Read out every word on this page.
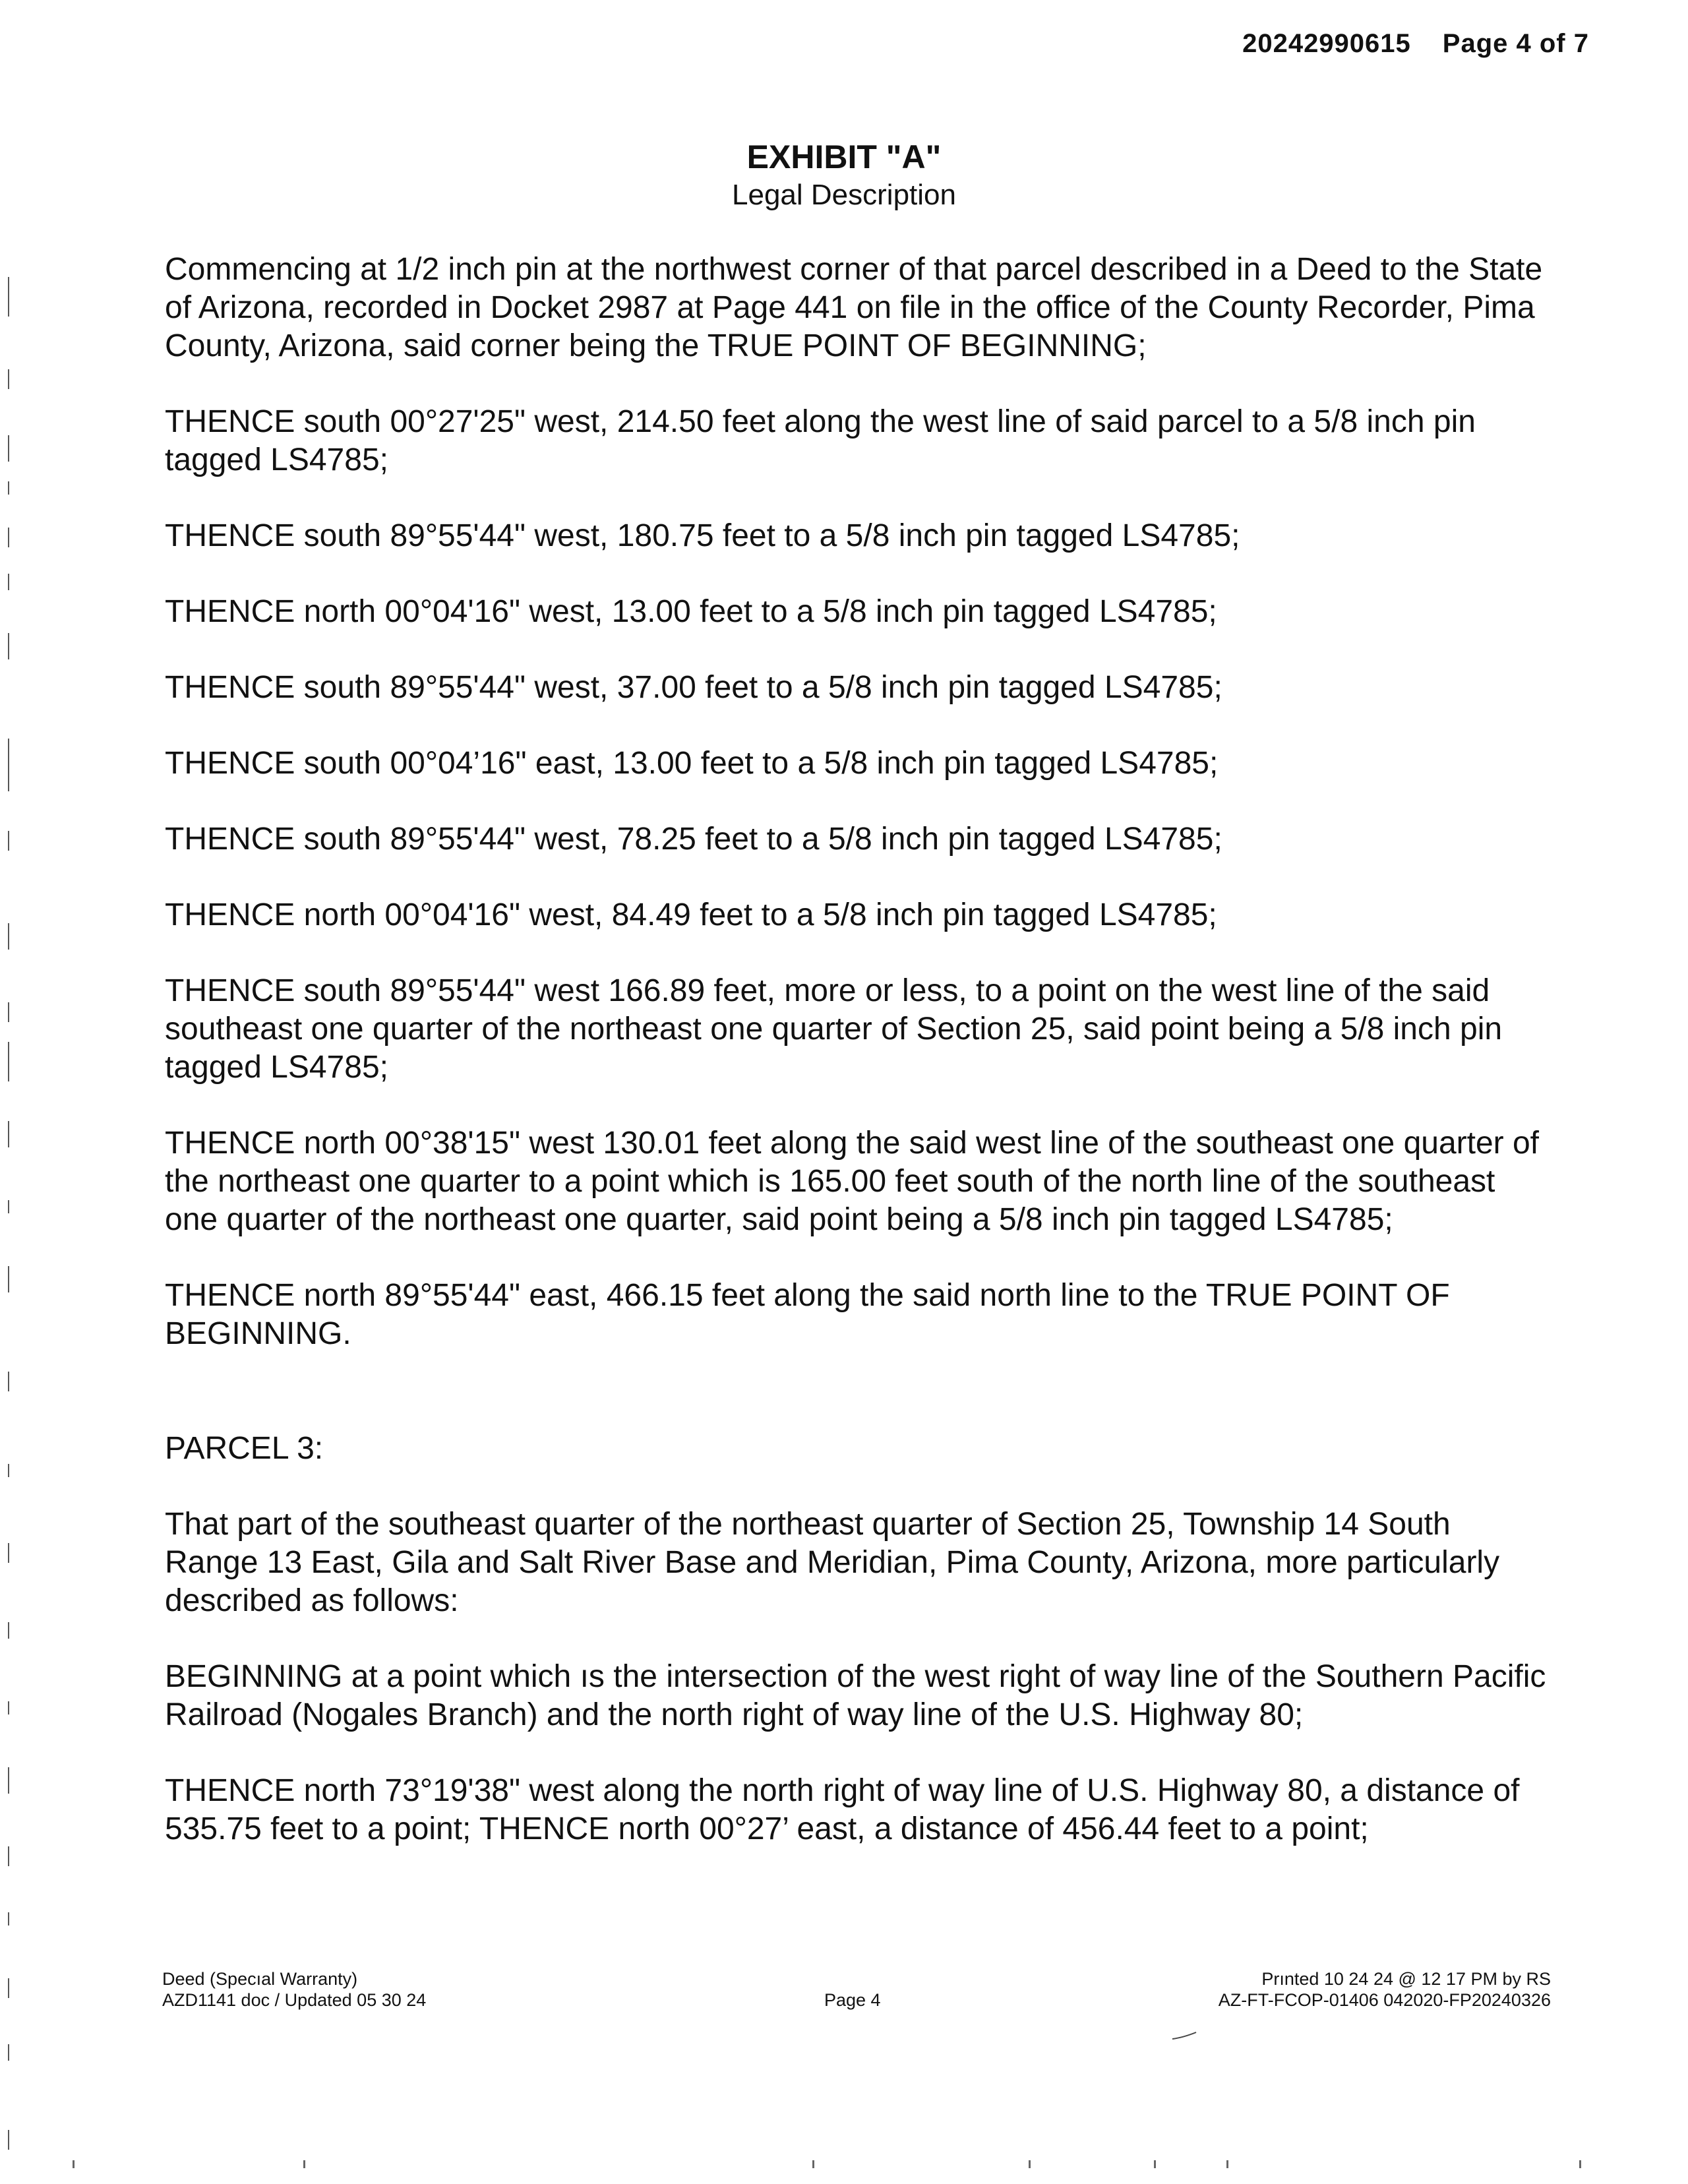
20242990615 Page 4 of 7
EXHIBIT "A"
Legal Description

Commencing at 1/2 inch pin at the northwest corner of that parcel described in a Deed to the State of Arizona, recorded in Docket 2987 at Page 441 on file in the office of the County Recorder, Pima County, Arizona, said corner being the TRUE POINT OF BEGINNING;

THENCE south 00°27'25" west, 214.50 feet along the west line of said parcel to a 5/8 inch pin tagged LS4785;

THENCE south 89°55'44" west, 180.75 feet to a 5/8 inch pin tagged LS4785;

THENCE north 00°04'16" west, 13.00 feet to a 5/8 inch pin tagged LS4785;

THENCE south 89°55'44" west, 37.00 feet to a 5/8 inch pin tagged LS4785;

THENCE south 00°04’16" east, 13.00 feet to a 5/8 inch pin tagged LS4785;

THENCE south 89°55'44" west, 78.25 feet to a 5/8 inch pin tagged LS4785;

THENCE north 00°04'16" west, 84.49 feet to a 5/8 inch pin tagged LS4785;

THENCE south 89°55'44" west 166.89 feet, more or less, to a point on the west line of the said southeast one quarter of the northeast one quarter of Section 25, said point being a 5/8 inch pin tagged LS4785;

THENCE north 00°38'15" west 130.01 feet along the said west line of the southeast one quarter of the northeast one quarter to a point which is 165.00 feet south of the north line of the southeast one quarter of the northeast one quarter, said point being a 5/8 inch pin tagged LS4785;

THENCE north 89°55'44" east, 466.15 feet along the said north line to the TRUE POINT OF BEGINNING.

PARCEL 3:

That part of the southeast quarter of the northeast quarter of Section 25, Township 14 South Range 13 East, Gila and Salt River Base and Meridian, Pima County, Arizona, more particularly described as follows:

BEGINNING at a point which ıs the intersection of the west right of way line of the Southern Pacific Railroad (Nogales Branch) and the north right of way line of the U.S. Highway 80;

THENCE north 73°19'38" west along the north right of way line of U.S. Highway 80, a distance of 535.75 feet to a point; THENCE north 00°27’ east, a distance of 456.44 feet to a point;

Deed (Specıal Warranty)
AZD1141 doc / Updated 05 30 24	Page 4
Prınted 10 24 24 @ 12 17 PM by RS
AZ-FT-FCOP-01406 042020-FP20240326
